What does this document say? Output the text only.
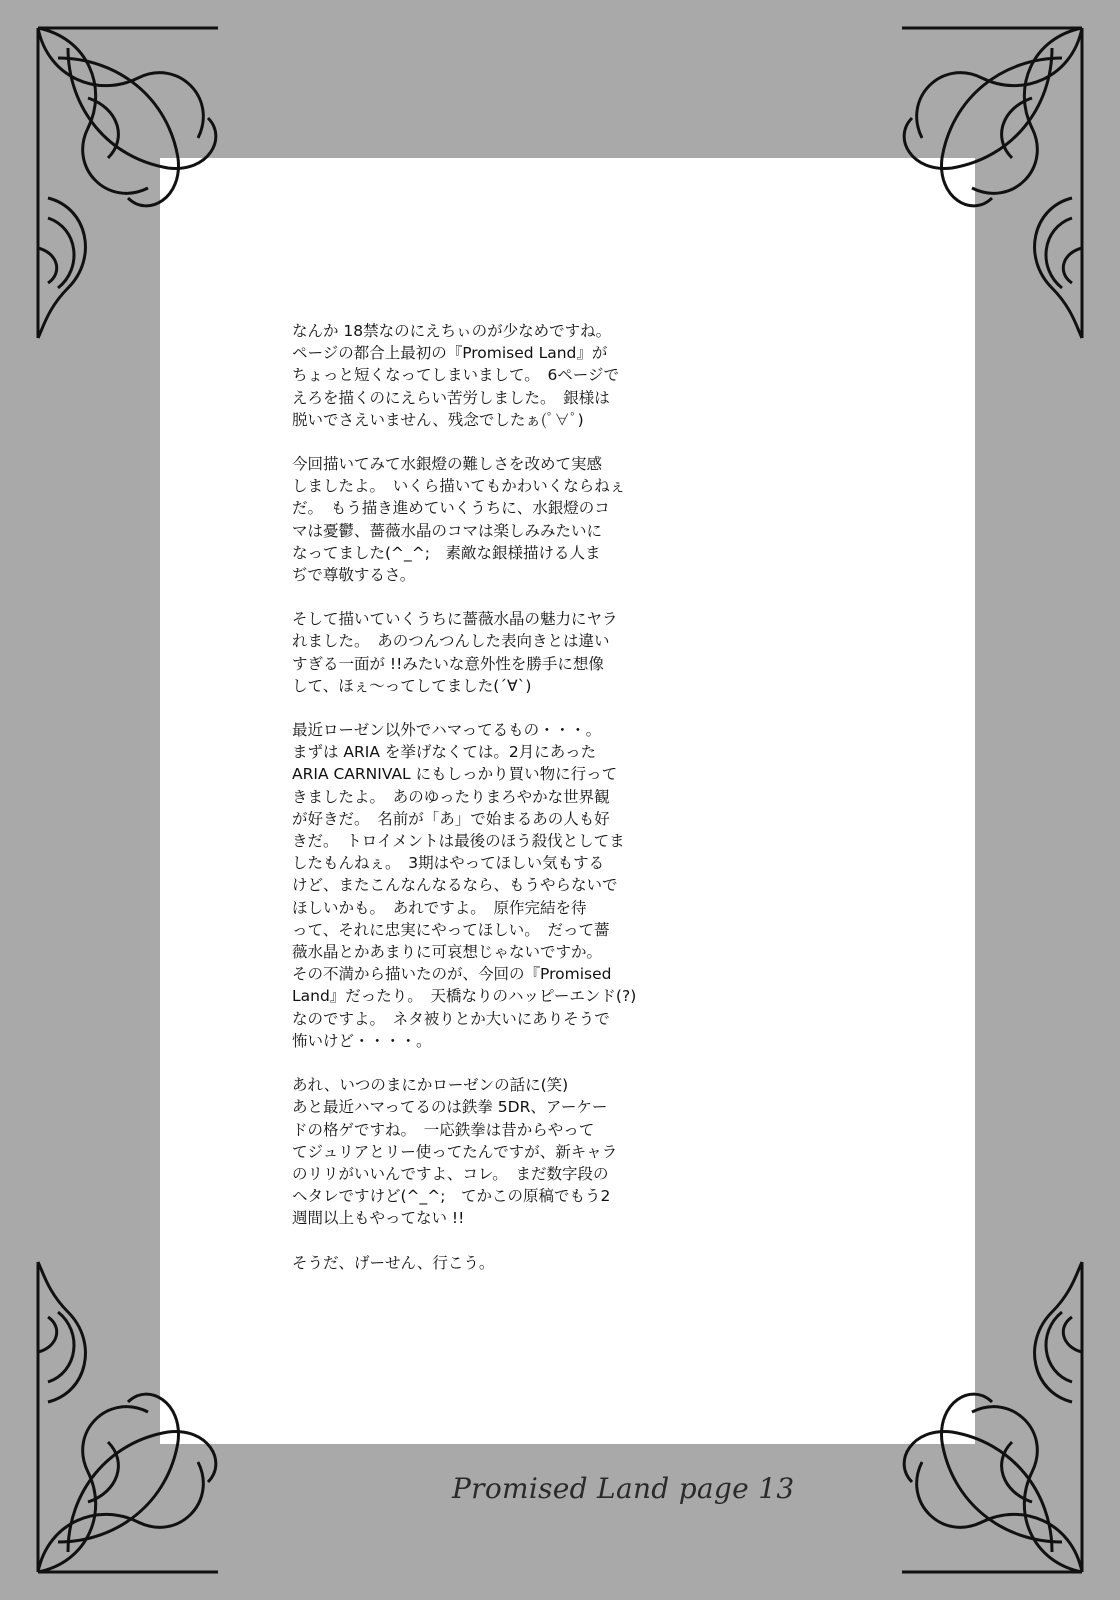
なんか 18禁なのにえちぃのが少なめですね。
ページの都合上最初の『Promised Land』が
ちょっと短くなってしまいまして。　6ページで
えろを描くのにえらい苦労しました。　銀様は
脱いでさえいません、残念でしたぁ(ﾟ∀ﾟ)
今回描いてみて水銀燈の難しさを改めて実感
しましたよ。　いくら描いてもかわいくならねぇ
だ。　もう描き進めていくうちに、水銀燈のコ
マは憂鬱、薔薇水晶のコマは楽しみみたいに
なってました(^_^;　素敵な銀様描ける人ま
ぢで尊敬するさ。
そして描いていくうちに薔薇水晶の魅力にヤラ
れました。　あのつんつんした表向きとは違い
すぎる一面が !!みたいな意外性を勝手に想像
して、ほぇ～ってしてました(´∀`)
最近ローゼン以外でハマってるもの・・・。
まずは ARIA を挙げなくては。2月にあった
ARIA CARNIVAL にもしっかり買い物に行って
きましたよ。　あのゆったりまろやかな世界観
が好きだ。　名前が「あ」で始まるあの人も好
きだ。　トロイメントは最後のほう殺伐としてま
したもんねぇ。　3期はやってほしい気もする
けど、またこんなんなるなら、もうやらないで
ほしいかも。　あれですよ。　原作完結を待
って、それに忠実にやってほしい。　だって薔
薇水晶とかあまりに可哀想じゃないですか。
その不満から描いたのが、今回の『Promised
Land』だったり。　天橋なりのハッピーエンド(?)
なのですよ。　ネタ被りとか大いにありそうで
怖いけど・・・・。
あれ、いつのまにかローゼンの話に(笑)
あと最近ハマってるのは鉄拳 5DR、アーケー
ドの格ゲですね。　一応鉄拳は昔からやって
てジュリアとリー使ってたんですが、新キャラ
のリリがいいんですよ、コレ。　まだ数字段の
ヘタレですけど(^_^;　てかこの原稿でもう2
週間以上もやってない !!
そうだ、げーせん、行こう。
Promised Land page 13
